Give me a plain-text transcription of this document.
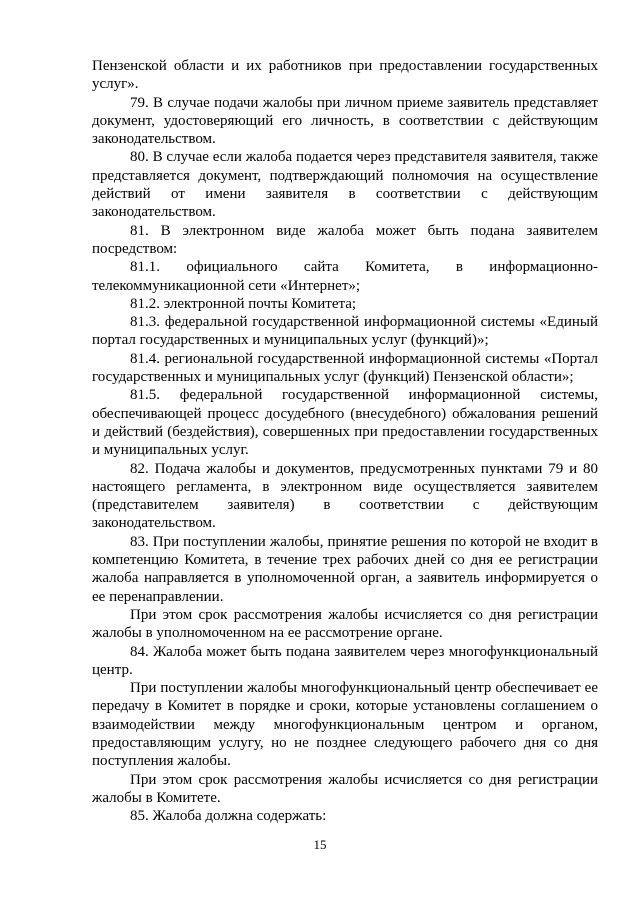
Пензенской области и их работников при предоставлении государственных услуг».

79. В случае подачи жалобы при личном приеме заявитель представляет документ, удостоверяющий его личность, в соответствии с действующим законодательством.

80. В случае если жалоба подается через представителя заявителя, также представляется документ, подтверждающий полномочия на осуществление действий от имени заявителя в соответствии с действующим законодательством.

81. В электронном виде жалоба может быть подана заявителем посредством:

81.1. официального сайта Комитета, в информационно-телекоммуникационной сети «Интернет»;

81.2. электронной почты Комитета;

81.3. федеральной государственной информационной системы «Единый портал государственных и муниципальных услуг (функций)»;

81.4. региональной государственной информационной системы «Портал государственных и муниципальных услуг (функций) Пензенской области»;

81.5. федеральной государственной информационной системы, обеспечивающей процесс досудебного (внесудебного) обжалования решений и действий (бездействия), совершенных при предоставлении государственных и муниципальных услуг.

82. Подача жалобы и документов, предусмотренных пунктами 79 и 80 настоящего регламента, в электронном виде осуществляется заявителем (представителем заявителя) в соответствии с действующим законодательством.

83. При поступлении жалобы, принятие решения по которой не входит в компетенцию Комитета, в течение трех рабочих дней со дня ее регистрации жалоба направляется в уполномоченной орган, а заявитель информируется о ее перенаправлении.

При этом срок рассмотрения жалобы исчисляется со дня регистрации жалобы в уполномоченном на ее рассмотрение органе.

84. Жалоба может быть подана заявителем через многофункциональный центр.

При поступлении жалобы многофункциональный центр обеспечивает ее передачу в Комитет в порядке и сроки, которые установлены соглашением о взаимодействии между многофункциональным центром и органом, предоставляющим услугу, но не позднее следующего рабочего дня со дня поступления жалобы.

При этом срок рассмотрения жалобы исчисляется со дня регистрации жалобы в Комитете.

85. Жалоба должна содержать:

15
